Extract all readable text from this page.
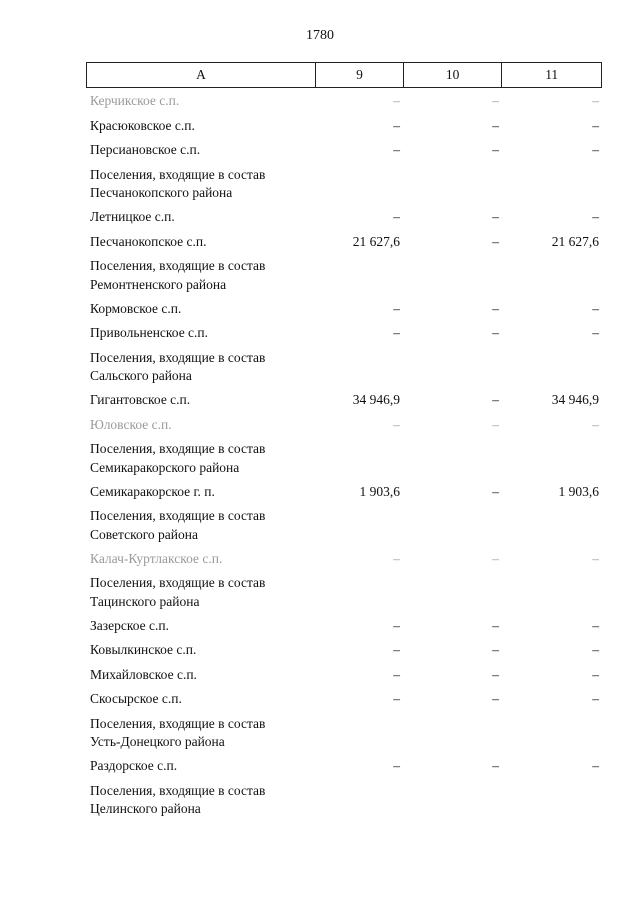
1780
А	9	10	11
Керчикское с.п.	–	–	–
Красюковское с.п.	–	–	–
Персиановское с.п.	–	–	–
Поселения, входящие в состав
Песчанокопского района
Летницкое с.п.	–	–	–
Песчанокопское с.п.	21 627,6	–	21 627,6
Поселения, входящие в состав
Ремонтненского района
Кормовское с.п.	–	–	–
Привольненское с.п.	–	–	–
Поселения, входящие в состав
Сальского района
Гигантовское с.п.	34 946,9	–	34 946,9
Юловское с.п.	–	–	–
Поселения, входящие в состав
Семикаракорского района
Семикаракорское г. п.	1 903,6	–	1 903,6
Поселения, входящие в состав
Советского района
Калач-Куртлакское с.п.	–	–	–
Поселения, входящие в состав
Тацинского района
Зазерское с.п.	–	–	–
Ковылкинское с.п.	–	–	–
Михайловское с.п.	–	–	–
Скосырское с.п.	–	–	–
Поселения, входящие в состав
Усть-Донецкого района
Раздорское с.п.	–	–	–
Поселения, входящие в состав
Целинского района
